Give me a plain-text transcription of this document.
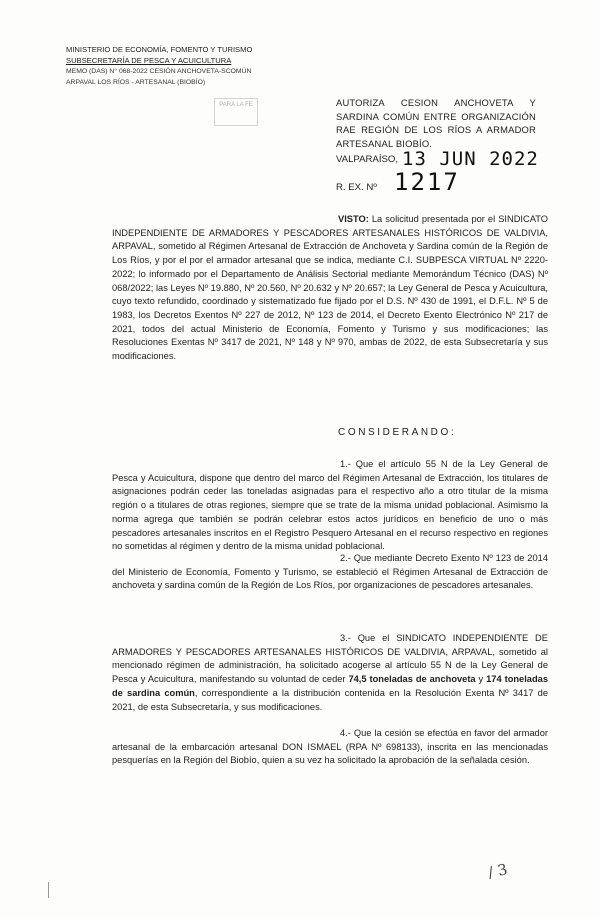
MINISTERIO DE ECONOMÍA, FOMENTO Y TURISMO
SUBSECRETARÍA DE PESCA Y ACUICULTURA
MEMO (DAS) N° 068-2022 CESIÓN ANCHOVETA-SCOMÚN
ARPAVAL LOS RÍOS - ARTESANAL (BIOBÍO)
PARA LA FE	AUTORIZA CESION ANCHOVETA Y SARDINA COMÚN ENTRE ORGANIZACIÓN RAE REGIÓN DE LOS RÍOS A ARMADOR ARTESANAL BIOBÍO.
VALPARAÍSO, 13 JUN 2022
R. EX. Nº 1217
VISTO: La solicitud presentada por el SINDICATO INDEPENDIENTE DE ARMADORES Y PESCADORES ARTESANALES HISTÓRICOS DE VALDIVIA, ARPAVAL, sometido al Régimen Artesanal de Extracción de Anchoveta y Sardina común de la Región de Los Ríos, y por el por el armador artesanal que se indica, mediante C.I. SUBPESCA VIRTUAL Nº 2220-2022; lo informado por el Departamento de Análisis Sectorial mediante Memorándum Técnico (DAS) Nº 068/2022; las Leyes Nº 19.880, Nº 20.560, Nº 20.632 y Nº 20.657; la Ley General de Pesca y Acuicultura, cuyo texto refundido, coordinado y sistematizado fue fijado por el D.S. Nº 430 de 1991, el D.F.L. Nº 5 de 1983, los Decretos Exentos Nº 227 de 2012, Nº 123 de 2014, el Decreto Exento Electrónico Nº 217 de 2021, todos del actual Ministerio de Economía, Fomento y Turismo y sus modificaciones; las Resoluciones Exentas Nº 3417 de 2021, Nº 148 y Nº 970, ambas de 2022, de esta Subsecretaría y sus modificaciones.
CONSIDERANDO:
1.- Que el artículo 55 N de la Ley General de Pesca y Acuicultura, dispone que dentro del marco del Régimen Artesanal de Extracción, los titulares de asignaciones podrán ceder las toneladas asignadas para el respectivo año a otro titular de la misma región o a titulares de otras regiones, siempre que se trate de la misma unidad poblacional. Asimismo la norma agrega que también se podrán celebrar estos actos jurídicos en beneficio de uno o más pescadores artesanales inscritos en el Registro Pesquero Artesanal en el recurso respectivo en regiones no sometidas al régimen y dentro de la misma unidad poblacional.
2.- Que mediante Decreto Exento Nº 123 de 2014 del Ministerio de Economía, Fomento y Turismo, se estableció el Régimen Artesanal de Extracción de anchoveta y sardina común de la Región de Los Ríos, por organizaciones de pescadores artesanales.
3.- Que el SINDICATO INDEPENDIENTE DE ARMADORES Y PESCADORES ARTESANALES HISTÓRICOS DE VALDIVIA, ARPAVAL, sometido al mencionado régimen de administración, ha solicitado acogerse al artículo 55 N de la Ley General de Pesca y Acuicultura, manifestando su voluntad de ceder 74,5 toneladas de anchoveta y 174 toneladas de sardina común, correspondiente a la distribución contenida en la Resolución Exenta Nº 3417 de 2021, de esta Subsecretaría, y sus modificaciones.
4.- Que la cesión se efectúa en favor del armador artesanal de la embarcación artesanal DON ISMAEL (RPA Nº 698133), inscrita en las mencionadas pesquerías en la Región del Biobío, quien a su vez ha solicitado la aprobación de la señalada cesión.
/ 3
